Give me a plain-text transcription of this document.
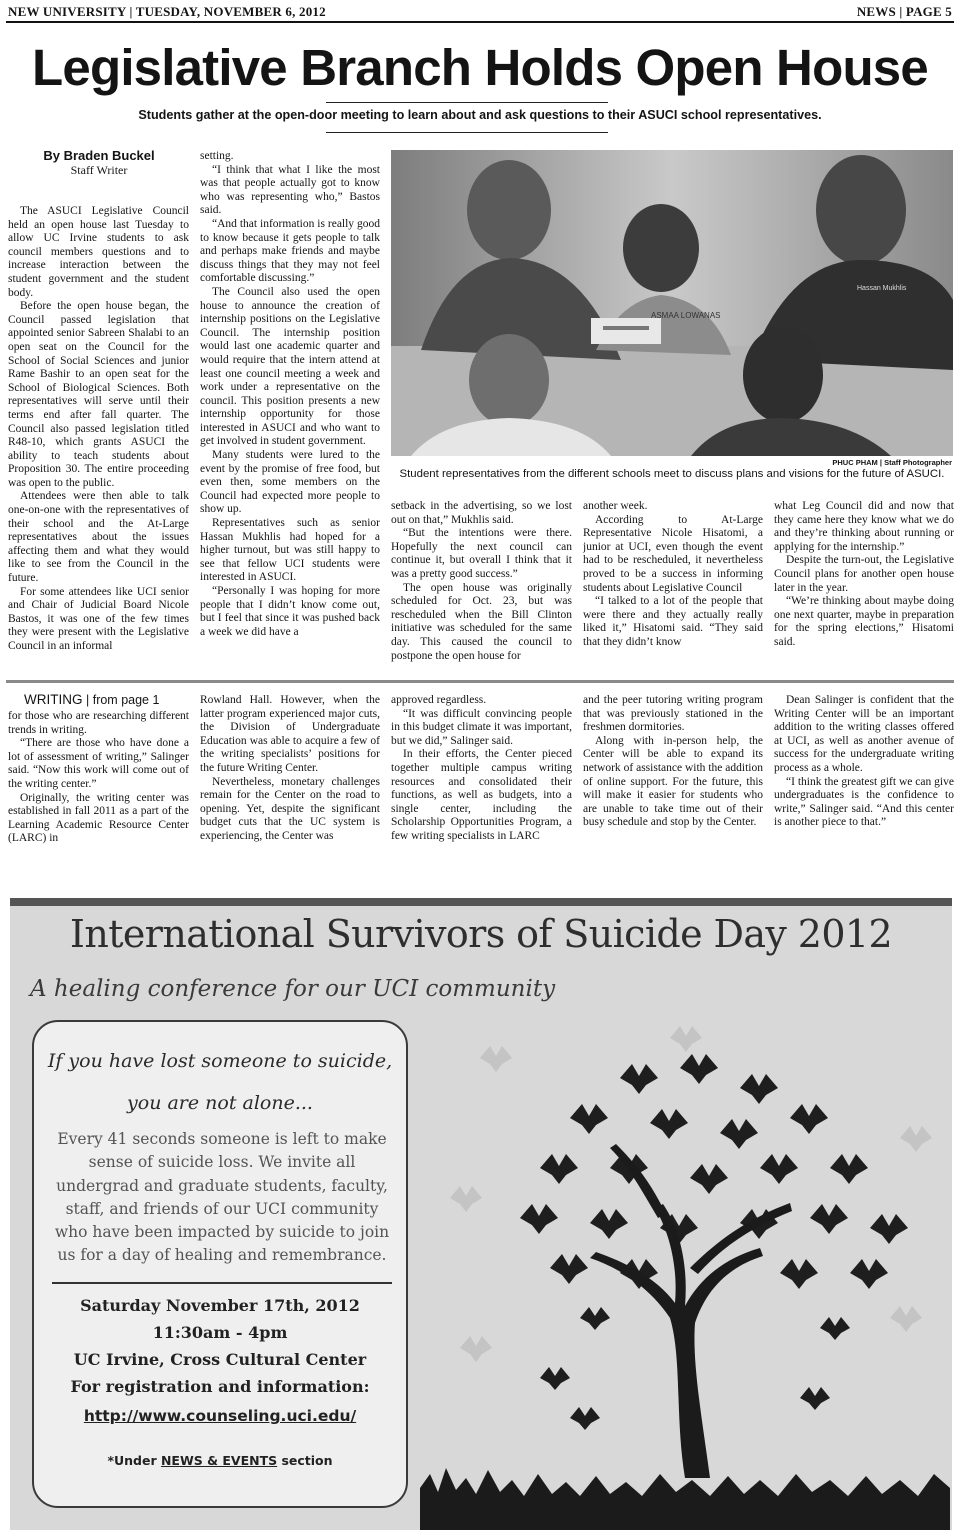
NEW UNIVERSITY | TUESDAY, NOVEMBER 6, 2012	NEWS | PAGE 5
Legislative Branch Holds Open House
Students gather at the open-door meeting to learn about and ask questions to their ASUCI school representatives.
By Braden Buckel
Staff Writer

The ASUCI Legislative Council held an open house last Tuesday to allow UC Irvine students to ask council members questions and to increase interaction between the student government and the student body.

Before the open house began, the Council passed legislation that appointed senior Sabreen Shalabi to an open seat on the Council for the School of Social Sciences and junior Rame Bashir to an open seat for the School of Biological Sciences. Both representatives will serve until their terms end after fall quarter. The Council also passed legislation titled R48-10, which grants ASUCI the ability to teach students about Proposition 30. The entire proceeding was open to the public.

Attendees were then able to talk one-on-one with the representatives of their school and the At-Large representatives about the issues affecting them and what they would like to see from the Council in the future.

For some attendees like UCI senior and Chair of Judicial Board Nicole Bastos, it was one of the few times they were present with the Legislative Council in an informal

setting.

“I think that what I like the most was that people actually got to know who was representing who,” Bastos said.

“And that information is really good to know because it gets people to talk and perhaps make friends and maybe discuss things that they may not feel comfortable discussing.”

The Council also used the open house to announce the creation of internship positions on the Legislative Council. The internship position would last one academic quarter and would require that the intern attend at least one council meeting a week and work under a representative on the council. This position presents a new internship opportunity for those interested in ASUCI and who want to get involved in student government.

Many students were lured to the event by the promise of free food, but even then, some members on the Council had expected more people to show up.

Representatives such as senior Hassan Mukhlis had hoped for a higher turnout, but was still happy to see that fellow UCI students were interested in ASUCI.

“Personally I was hoping for more people that I didn’t know come out, but I feel that since it was pushed back a week we did have a

ASMAA LOWANAS
Hassan Mukhlis
PHUC PHAM | Staff Photographer
Student representatives from the different schools meet to discuss plans and visions for the future of ASUCI.

setback in the advertising, so we lost out on that,” Mukhlis said.

“But the intentions were there. Hopefully the next council can continue it, but overall I think that it was a pretty good success.”

The open house was originally scheduled for Oct. 23, but was rescheduled when the Bill Clinton initiative was scheduled for the same day. This caused the council to postpone the open house for

another week.

According to At-Large Representative Nicole Hisatomi, a junior at UCI, even though the event had to be rescheduled, it nevertheless proved to be a success in informing students about Legislative Council

“I talked to a lot of the people that were there and they actually really liked it,” Hisatomi said. “They said that they didn’t know

what Leg Council did and now that they came here they know what we do and they’re thinking about running or applying for the internship.”

Despite the turn-out, the Legislative Council plans for another open house later in the year.

“We’re thinking about maybe doing one next quarter, maybe in preparation for the spring elections,” Hisatomi said.

WRITING | from page 1

for those who are researching different trends in writing.

“There are those who have done a lot of assessment of writing,” Salinger said. “Now this work will come out of the writing center.”

Originally, the writing center was established in fall 2011 as a part of the Learning Academic Resource Center (LARC) in

Rowland Hall. However, when the latter program experienced major cuts, the Division of Undergraduate Education was able to acquire a few of the writing specialists’ positions for the future Writing Center.

Nevertheless, monetary challenges remain for the Center on the road to opening. Yet, despite the significant budget cuts that the UC system is experiencing, the Center was

approved regardless.

“It was difficult convincing people in this budget climate it was important, but we did,” Salinger said.

In their efforts, the Center pieced together multiple campus writing resources and consolidated their functions, as well as budgets, into a single center, including the Scholarship Opportunities Program, a few writing specialists in LARC

and the peer tutoring writing program that was previously stationed in the freshmen dormitories.

Along with in-person help, the Center will be able to expand its network of assistance with the addition of online support. For the future, this will make it easier for students who are unable to take time out of their busy schedule and stop by the Center.

Dean Salinger is confident that the Writing Center will be an important addition to the writing classes offered at UCI, as well as another avenue of success for the undergraduate writing process as a whole.

“I think the greatest gift we can give undergraduates is the confidence to write,” Salinger said. “And this center is another piece to that.”

International Survivors of Suicide Day 2012
A healing conference for our UCI community
If you have lost someone to suicide,
you are not alone...
Every 41 seconds someone is left to make sense of suicide loss. We invite all undergrad and graduate students, faculty, staff, and friends of our UCI community who have been impacted by suicide to join us for a day of healing and remembrance.
Saturday November 17th, 2012
11:30am - 4pm
UC Irvine, Cross Cultural Center
For registration and information:
http://www.counseling.uci.edu/
*Under NEWS & EVENTS section
